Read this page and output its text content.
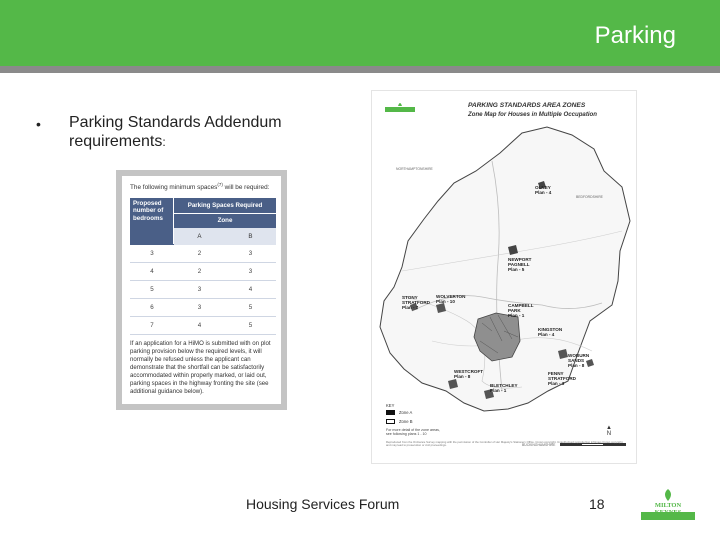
Parking
• Parking Standards Addendum requirements:
The following minimum spaces$^{(7)}$ will be required:
Proposed number of bedrooms
Parking Spaces Required
Zone
A	B
3	2	3
4	2	3
5	3	4
6	3	5
7	4	5
If an application for a HiMO is submitted with on plot parking provision below the required levels, it will normally be refused unless the applicant can demonstrate that the shortfall can be satisfactorily accommodated within properly marked, or laid out, parking spaces in the highway fronting the site (see additional guidance below).
PARKING STANDARDS AREA ZONES
Zone Map for Houses in Multiple Occupation
NORTHAMPTONSHIRE
BEDFORDSHIRE
BUCKINGHAMSHIRE
OLNEY
Plan - 4
NEWPORT
PAGNELL
Plan - 5
WOLVERTON
Plan - 10
STONY
STRATFORD
Plan - 7	CAMPBELL
PARK
Plan - 1
KINGSTON
Plan - 4
WOBURN
SANDS
Plan - 8
WESTCROFT
Plan - 8
FENNY
STRATFORD
Plan - 3
BLETCHLEY
Plan - 1
KEY
Zone A
Zone B
For more detail of the zone areas,
see following plans 1 - 10
▲
N
Reproduced from the Ordnance Survey mapping with the permission of the Controller of Her Majesty's Stationery Office. Crown copyright. Unauthorised reproduction infringes Crown copyright and may lead to prosecution or civil proceedings.
Housing Services Forum	18	MILTON
